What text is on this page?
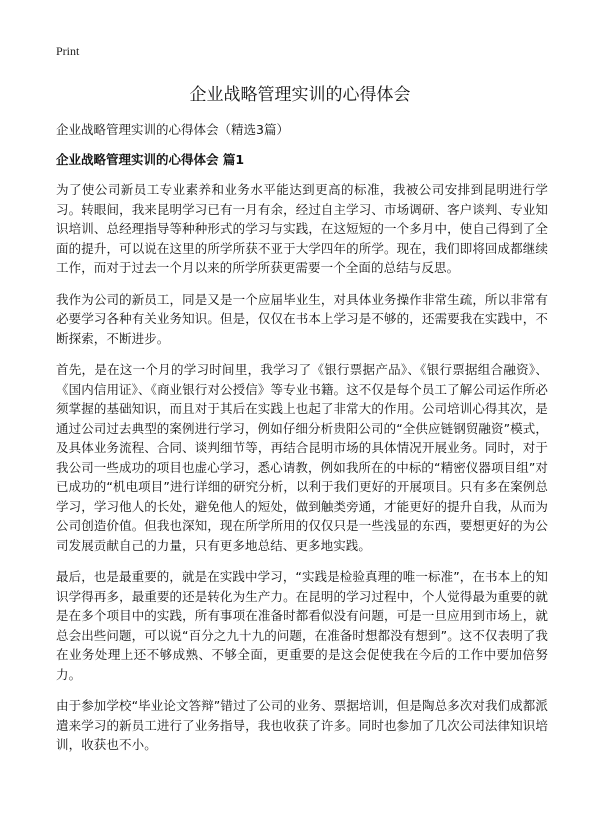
Print
企业战略管理实训的心得体会

企业战略管理实训的心得体会（精选3篇）

企业战略管理实训的心得体会 篇1

为了使公司新员工专业素养和业务水平能达到更高的标准，我被公司安排到昆明进行学习。转眼间，我来昆明学习已有一月有余，经过自主学习、市场调研、客户谈判、专业知识培训、总经理指导等种种形式的学习与实践，在这短短的一个多月中，使自己得到了全面的提升，可以说在这里的所学所获不亚于大学四年的所学。现在，我们即将回成都继续工作，而对于过去一个月以来的所学所获更需要一个全面的总结与反思。

我作为公司的新员工，同是又是一个应届毕业生，对具体业务操作非常生疏，所以非常有必要学习各种有关业务知识。但是，仅仅在书本上学习是不够的，还需要我在实践中，不断探索，不断进步。

首先，是在这一个月的学习时间里，我学习了《银行票据产品》、《银行票据组合融资》、《国内信用证》、《商业银行对公授信》等专业书籍。这不仅是每个员工了解公司运作所必须掌握的基础知识，而且对于其后在实践上也起了非常大的作用。公司培训心得其次，是通过公司过去典型的案例进行学习，例如仔细分析贵阳公司的“全供应链钢贸融资”模式，及具体业务流程、合同、谈判细节等，再结合昆明市场的具体情况开展业务。同时，对于我公司一些成功的项目也虚心学习，悉心请教，例如我所在的中标的“精密仪器项目组”对已成功的“机电项目”进行详细的研究分析，以利于我们更好的开展项目。只有多在案例总学习，学习他人的长处，避免他人的短处，做到触类旁通，才能更好的提升自我，从而为公司创造价值。但我也深知，现在所学所用的仅仅只是一些浅显的东西，要想更好的为公司发展贡献自己的力量，只有更多地总结、更多地实践。

最后，也是最重要的，就是在实践中学习，“实践是检验真理的唯一标准”，在书本上的知识学得再多，最重要的还是转化为生产力。在昆明的学习过程中，个人觉得最为重要的就是在多个项目中的实践，所有事项在准备时都看似没有问题，可是一旦应用到市场上，就总会出些问题，可以说“百分之九十九的问题，在准备时想都没有想到”。这不仅表明了我在业务处理上还不够成熟、不够全面，更重要的是这会促使我在今后的工作中要加倍努力。

由于参加学校“毕业论文答辩”错过了公司的业务、票据培训，但是陶总多次对我们成都派遣来学习的新员工进行了业务指导，我也收获了许多。同时也参加了几次公司法律知识培训，收获也不小。
